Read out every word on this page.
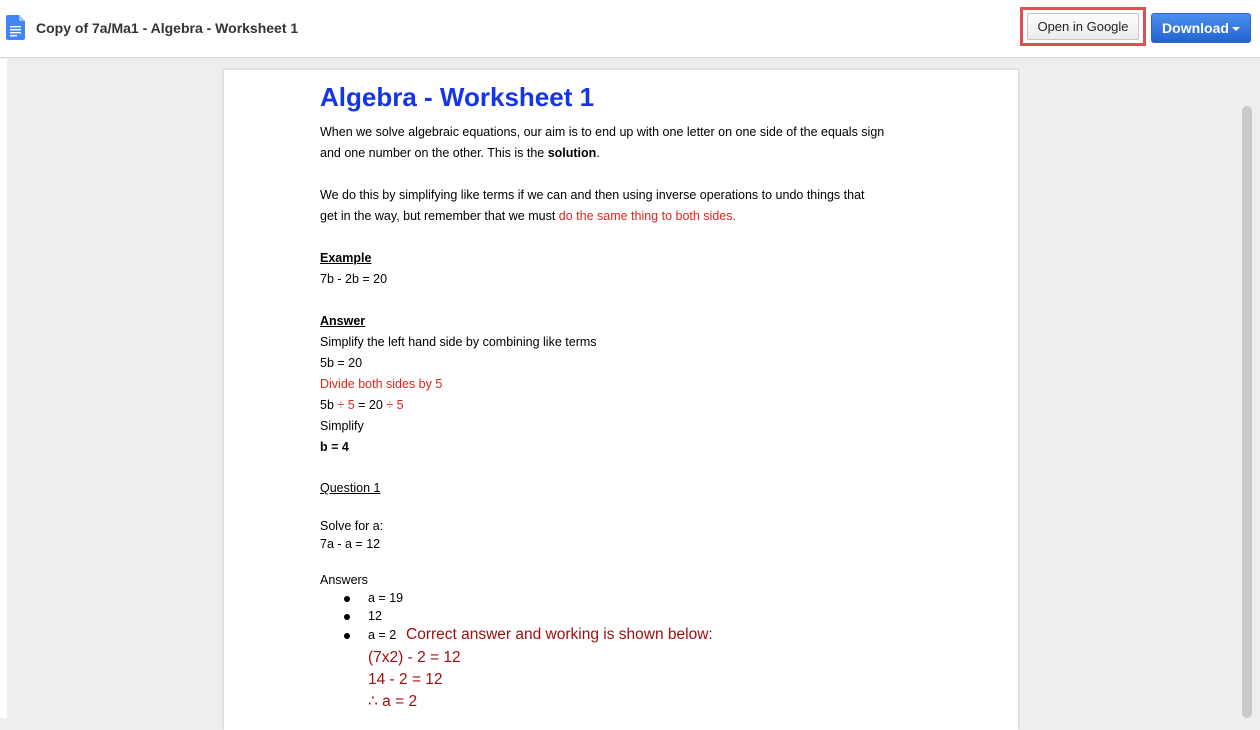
Copy of 7a/Ma1 - Algebra - Worksheet 1	Open in Google	Download
Algebra - Worksheet 1
When we solve algebraic equations, our aim is to end up with one letter on one side of the equals sign
and one number on the other. This is the solution.
We do this by simplifying like terms if we can and then using inverse operations to undo things that
get in the way, but remember that we must do the same thing to both sides.
Example
7b - 2b = 20
Answer
Simplify the left hand side by combining like terms
5b = 20
Divide both sides by 5
5b ÷ 5 = 20 ÷ 5
Simplify
b = 4
Question 1
Solve for a:
7a - a = 12
Answers
a = 19
12
a = 2 Correct answer and working is shown below:
(7x2) - 2 = 12
14 - 2 = 12
∴ a = 2
